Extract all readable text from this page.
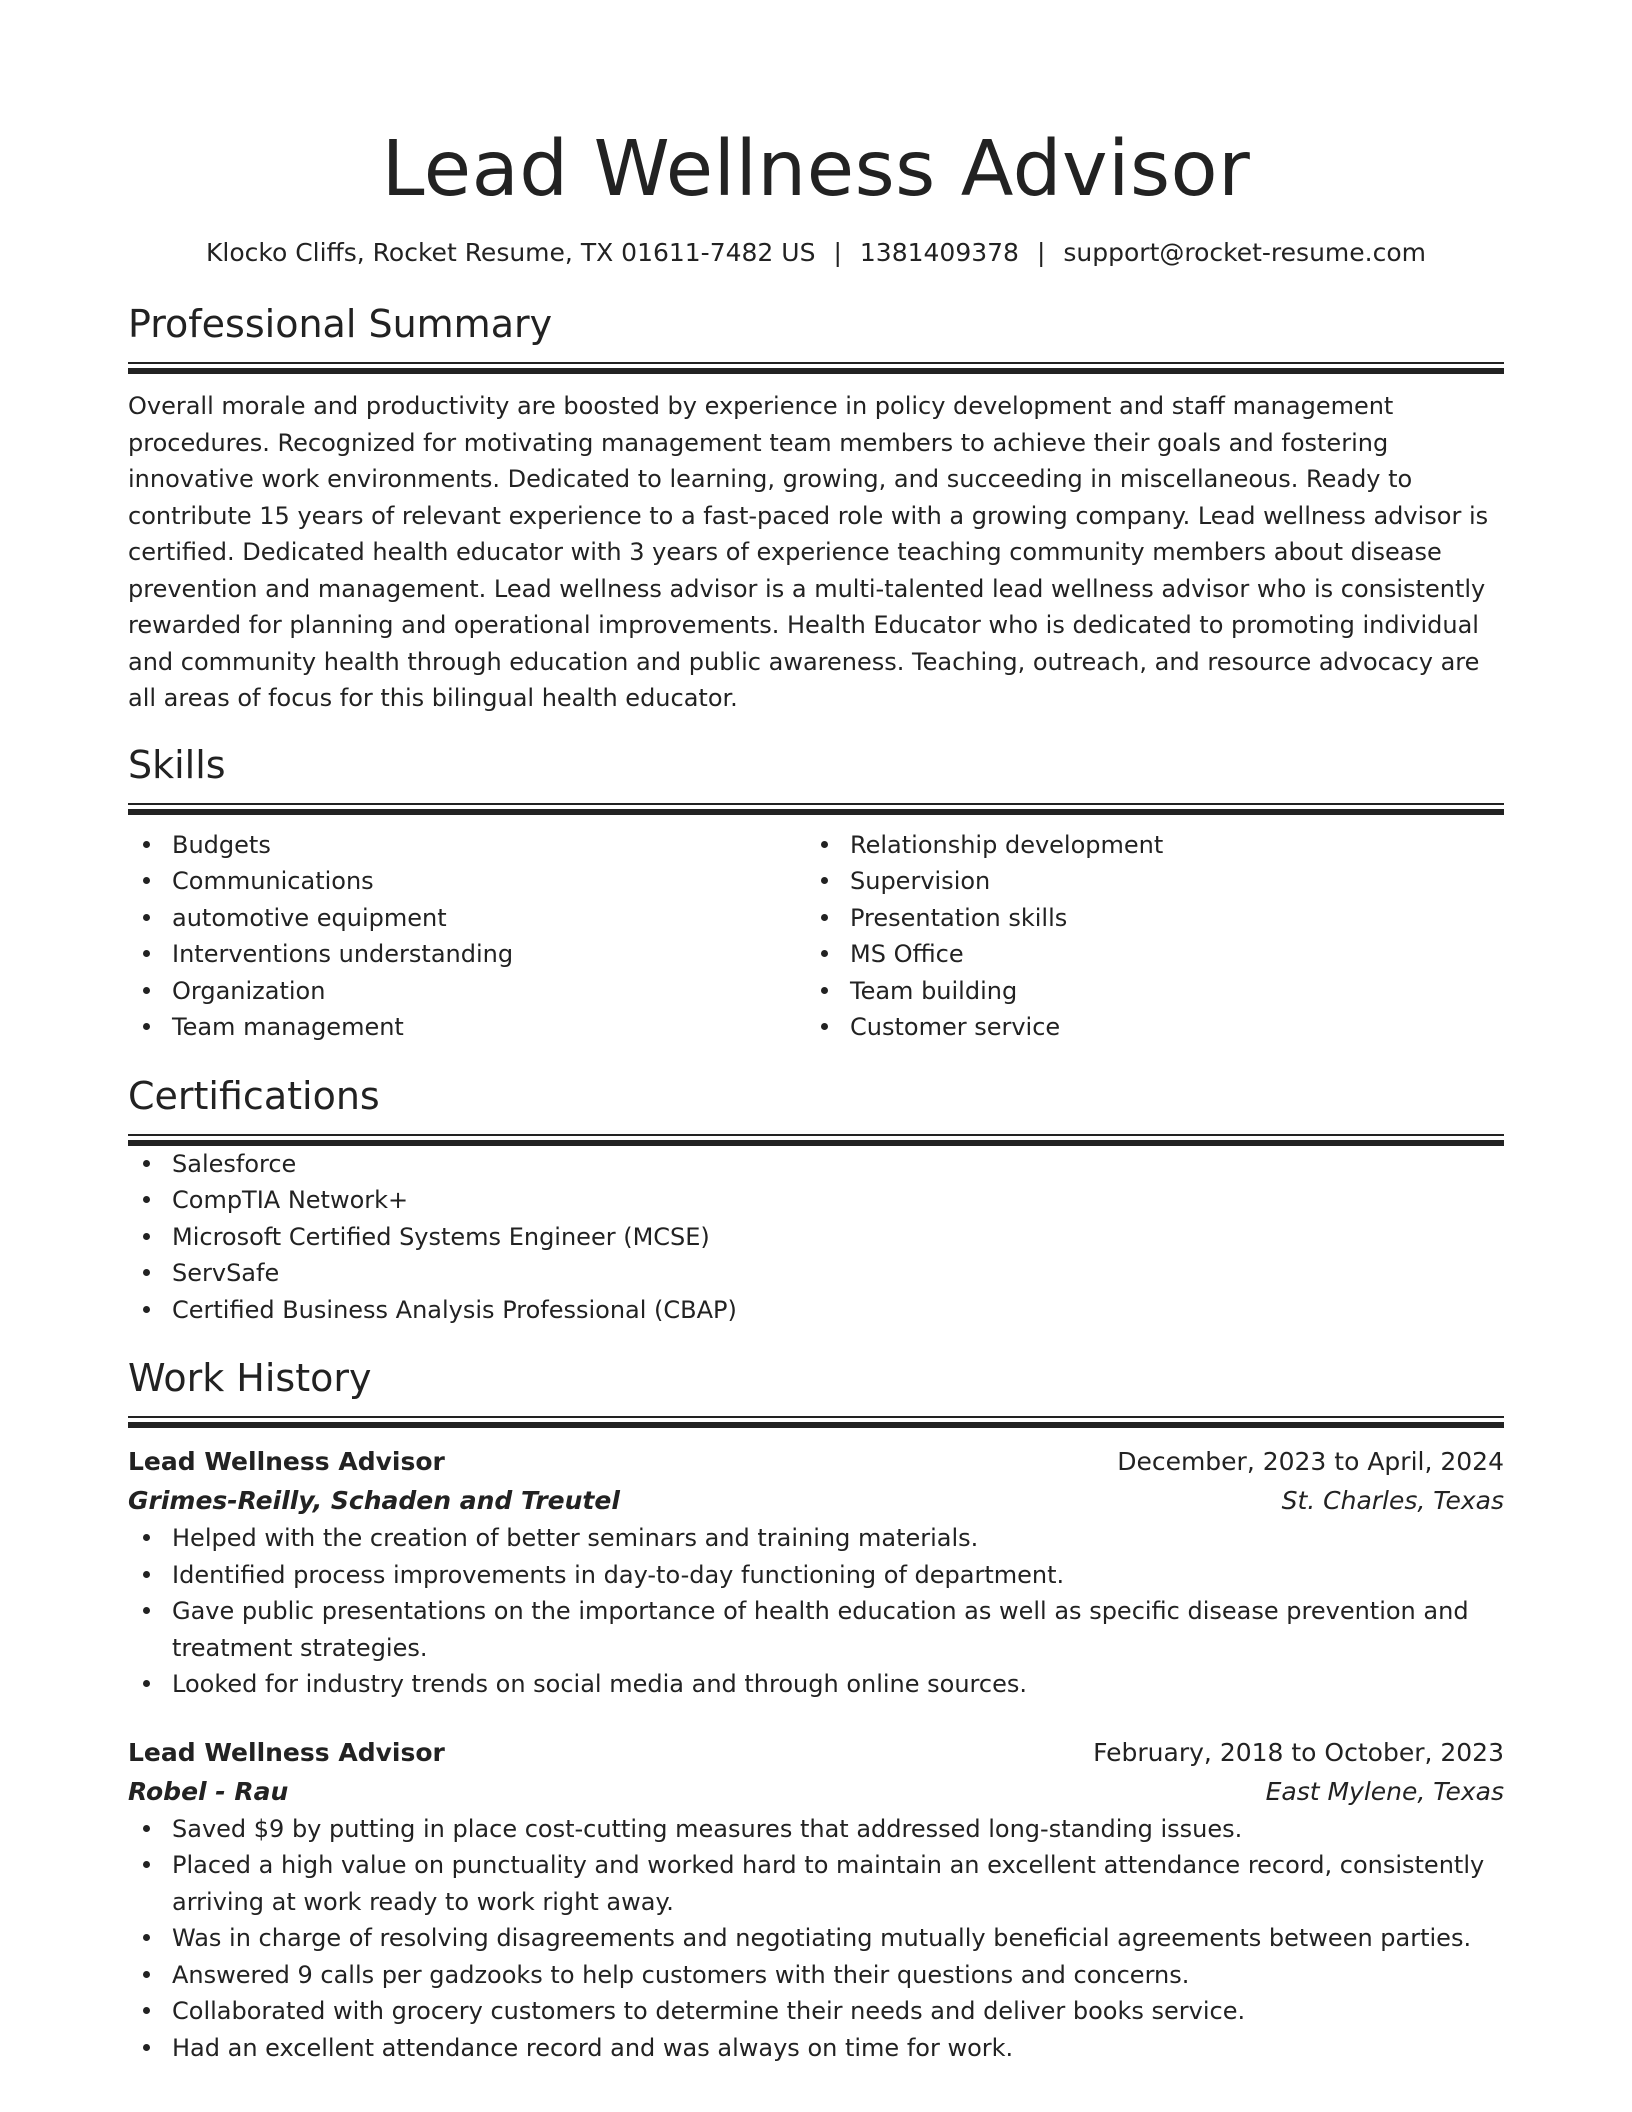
Lead Wellness Advisor
Klocko Cliffs, Rocket Resume, TX 01611-7482 US | 1381409378 | support@rocket-resume.com
Professional Summary
Overall morale and productivity are boosted by experience in policy development and staff management procedures. Recognized for motivating management team members to achieve their goals and fostering innovative work environments. Dedicated to learning, growing, and succeeding in miscellaneous. Ready to contribute 15 years of relevant experience to a fast-paced role with a growing company. Lead wellness advisor is certified. Dedicated health educator with 3 years of experience teaching community members about disease prevention and management. Lead wellness advisor is a multi-talented lead wellness advisor who is consistently rewarded for planning and operational improvements. Health Educator who is dedicated to promoting individual and community health through education and public awareness. Teaching, outreach, and resource advocacy are all areas of focus for this bilingual health educator.
Skills
Budgets
Communications
automotive equipment
Interventions understanding
Organization
Team management
Relationship development
Supervision
Presentation skills
MS Office
Team building
Customer service
Certifications
Salesforce
CompTIA Network+
Microsoft Certified Systems Engineer (MCSE)
ServSafe
Certified Business Analysis Professional (CBAP)
Work History
Lead Wellness Advisor	December, 2023 to April, 2024
Grimes-Reilly, Schaden and Treutel	St. Charles, Texas
Helped with the creation of better seminars and training materials.
Identified process improvements in day-to-day functioning of department.
Gave public presentations on the importance of health education as well as specific disease prevention and treatment strategies.
Looked for industry trends on social media and through online sources.
Lead Wellness Advisor	February, 2018 to October, 2023
Robel - Rau	East Mylene, Texas
Saved $9 by putting in place cost-cutting measures that addressed long-standing issues.
Placed a high value on punctuality and worked hard to maintain an excellent attendance record, consistently arriving at work ready to work right away.
Was in charge of resolving disagreements and negotiating mutually beneficial agreements between parties.
Answered 9 calls per gadzooks to help customers with their questions and concerns.
Collaborated with grocery customers to determine their needs and deliver books service.
Had an excellent attendance record and was always on time for work.
